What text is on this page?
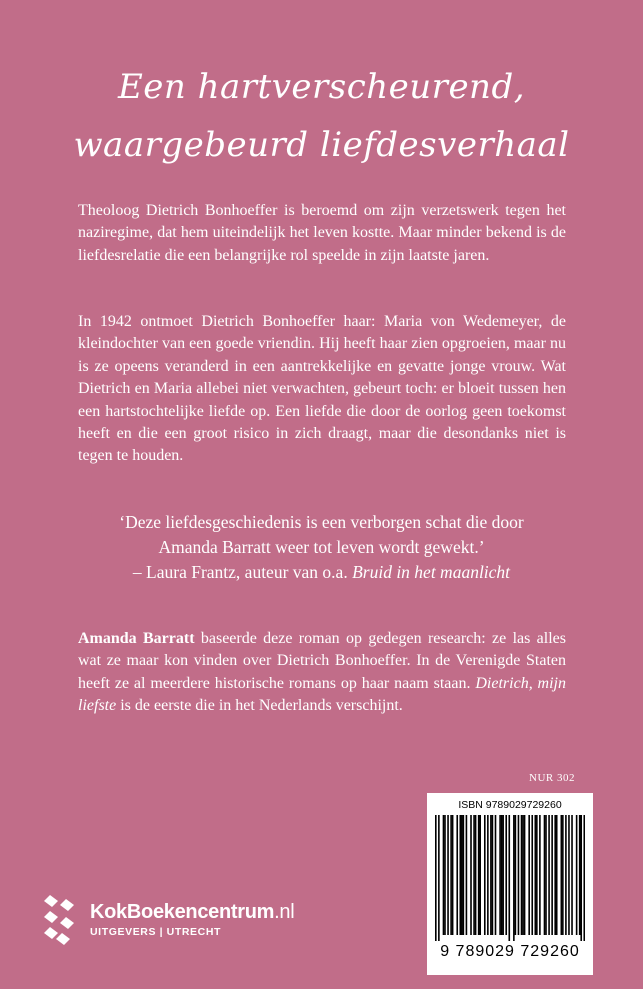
Een hartverscheurend,
waargebeurd liefdesverhaal
Theoloog Dietrich Bonhoeffer is beroemd om zijn verzetswerk tegen het naziregime, dat hem uiteindelijk het leven kostte. Maar minder bekend is de liefdesrelatie die een belangrijke rol speelde in zijn laatste jaren.
In 1942 ontmoet Dietrich Bonhoeffer haar: Maria von Wedemeyer, de kleindochter van een goede vriendin. Hij heeft haar zien opgroeien, maar nu is ze opeens veranderd in een aantrekkelijke en gevatte jonge vrouw. Wat Dietrich en Maria allebei niet verwachten, gebeurt toch: er bloeit tussen hen een hartstochtelijke liefde op. Een liefde die door de oorlog geen toekomst heeft en die een groot risico in zich draagt, maar die desondanks niet is tegen te houden.
‘Deze liefdesgeschiedenis is een verborgen schat die door
Amanda Barratt weer tot leven wordt gewekt.’
– Laura Frantz, auteur van o.a. Bruid in het maanlicht
Amanda Barratt baseerde deze roman op gedegen research: ze las alles wat ze maar kon vinden over Dietrich Bonhoeffer. In de Verenigde Staten heeft ze al meerdere historische romans op haar naam staan. Dietrich, mijn liefste is de eerste die in het Nederlands verschijnt.
NUR 302
ISBN 9789029729260
9 789029 729260
KokBoekencentrum.nl
UITGEVERS | UTRECHT
